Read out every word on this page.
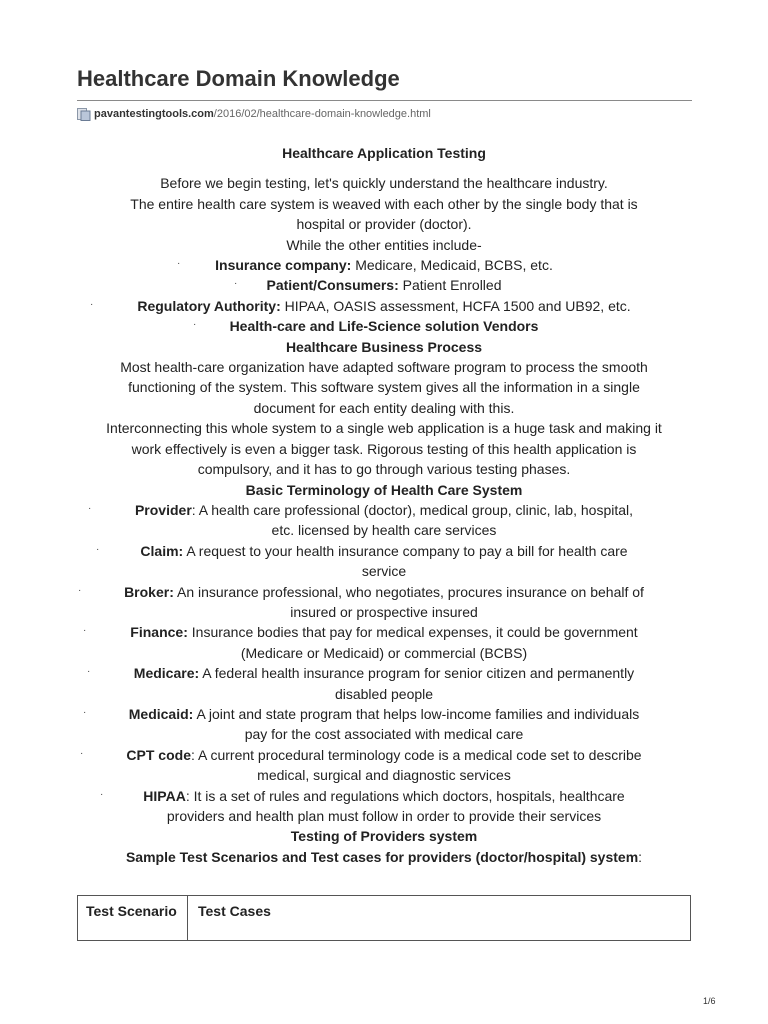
Healthcare Domain Knowledge
pavantestingtools.com /2016/02/healthcare-domain-knowledge.html

Healthcare Application Testing

Before we begin testing, let's quickly understand the healthcare industry.

The entire health care system is weaved with each other by the single body that is

hospital or provider (doctor).

While the other entities include-

· Insurance company: Medicare, Medicaid, BCBS, etc.

· Patient/Consumers: Patient Enrolled

·	Regulatory Authority: HIPAA, OASIS assessment, HCFA 1500 and UB92, etc.

· Health-care and Life-Science solution Vendors

Healthcare Business Process

Most health-care organization have adapted software program to process the smooth

functioning of the system. This software system gives all the information in a single

document for each entity dealing with this.

Interconnecting this whole system to a single web application is a huge task and making it

work effectively is even a bigger task. Rigorous testing of this health application is

compulsory, and it has to go through various testing phases.

Basic Terminology of Health Care System

·	Provider: A health care professional (doctor), medical group, clinic, lab, hospital,

etc. licensed by health care services

·	Claim: A request to your health insurance company to pay a bill for health care

service

·	Broker: An insurance professional, who negotiates, procures insurance on behalf of

insured or prospective insured

·	Finance: Insurance bodies that pay for medical expenses, it could be government

(Medicare or Medicaid) or commercial (BCBS)

·	Medicare: A federal health insurance program for senior citizen and permanently

disabled people

·	Medicaid: A joint and state program that helps low-income families and individuals

pay for the cost associated with medical care

·	CPT code: A current procedural terminology code is a medical code set to describe

medical, surgical and diagnostic services

·	HIPAA: It is a set of rules and regulations which doctors, hospitals, healthcare

providers and health plan must follow in order to provide their services

Testing of Providers system

Sample Test Scenarios and Test cases for providers (doctor/hospital) system:

Test Scenario	Test Cases
1/6
